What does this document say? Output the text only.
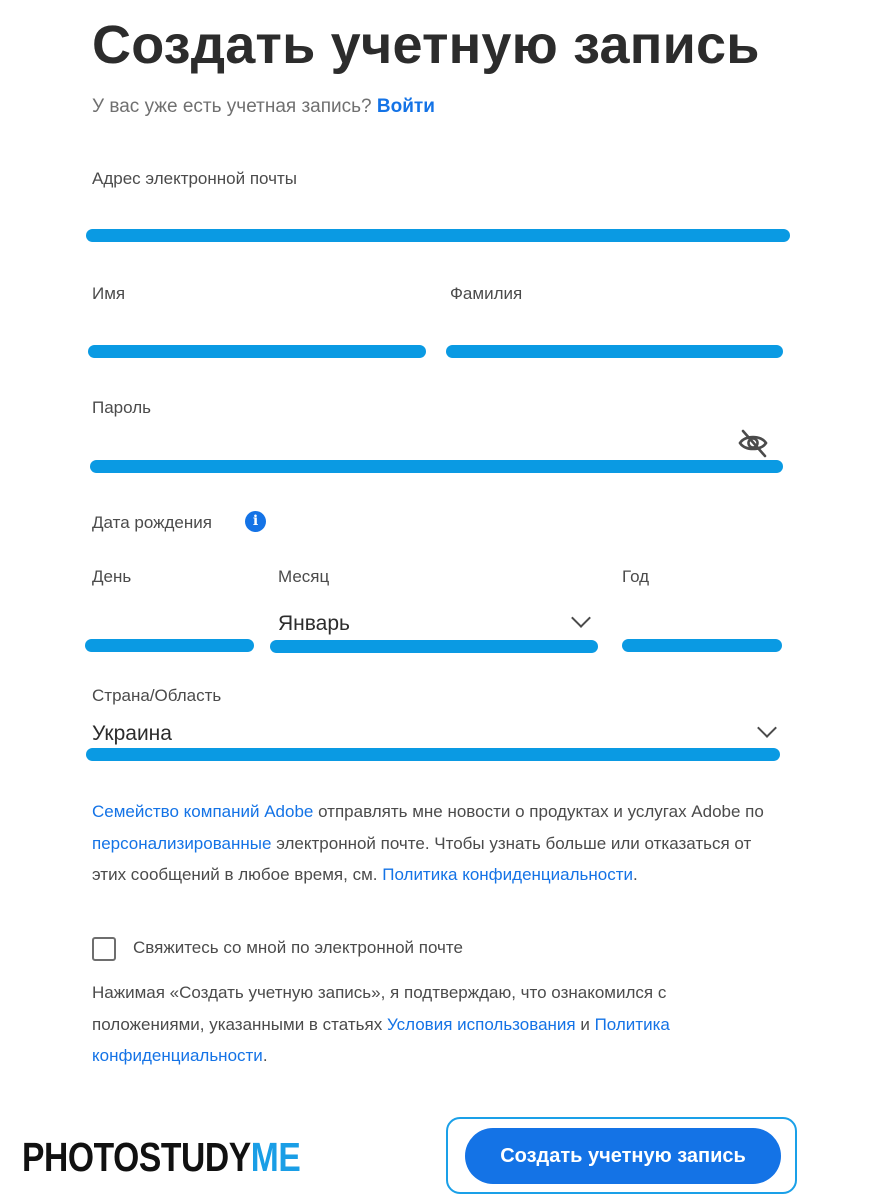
Создать учетную запись
У вас уже есть учетная запись? Войти
Адрес электронной почты
Имя	Фамилия
Пароль
Дата рождения	i
День	Месяц
Январь
Год
Страна/Область
Украина
Семейство компаний Adobe отправлять мне новости о продуктах и услугах Adobe по персонализированные электронной почте. Чтобы узнать больше или отказаться от этих сообщений в любое время, см. Политика конфиденциальности.
Свяжитесь со мной по электронной почте
Нажимая «Создать учетную запись», я подтверждаю, что ознакомился с положениями, указанными в статьях Условия использования и Политика конфиденциальности.
PHOTOSTUDYME	Создать учетную запись
